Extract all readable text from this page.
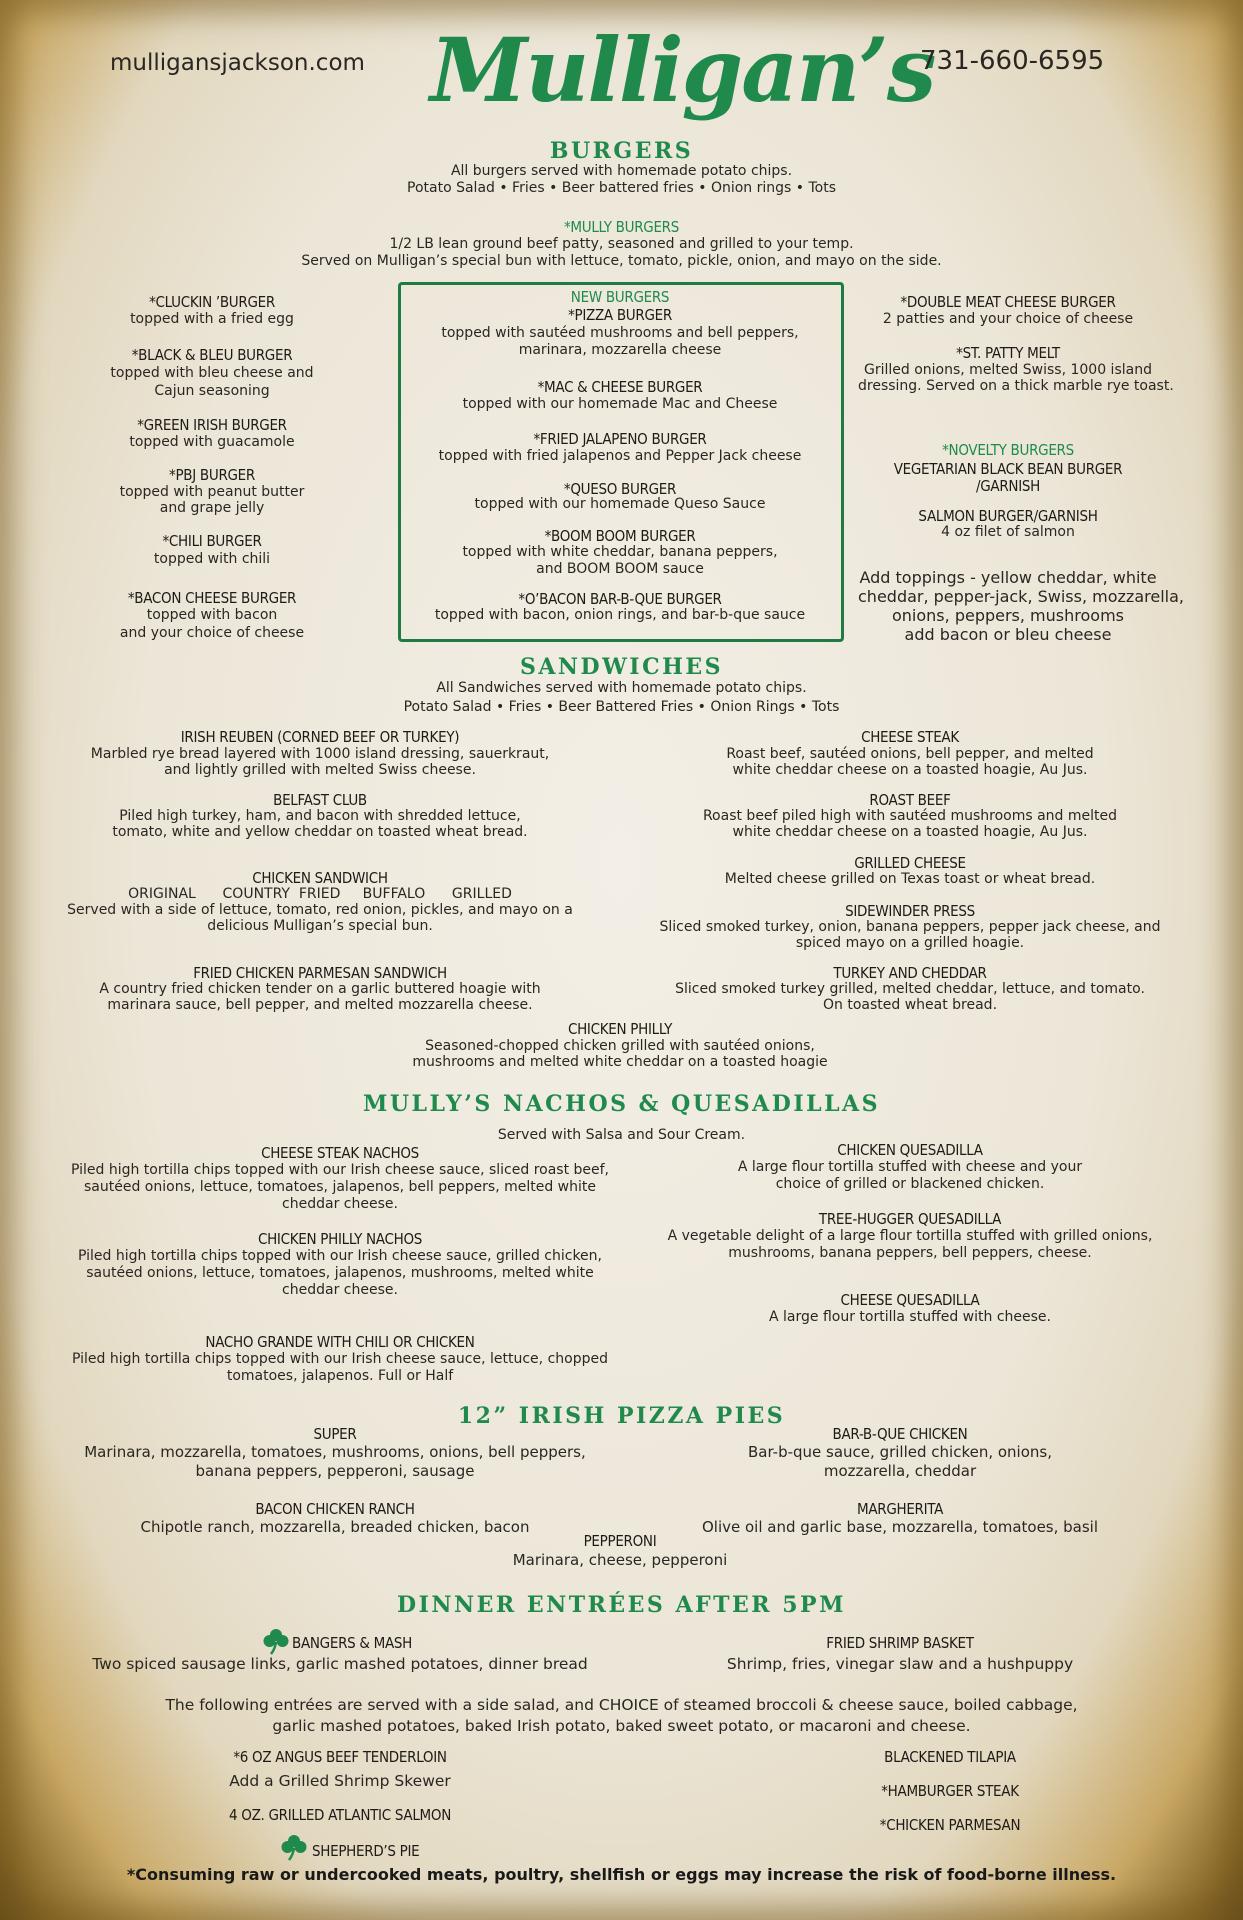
mulligansjackson.com Mulligan’s
731-660-6595
BURGERS
All burgers served with homemade potato chips.
Potato Salad • Fries • Beer battered fries • Onion rings • Tots
*MULLY BURGERS
1/2 LB lean ground beef patty, seasoned and grilled to your temp.
Served on Mulligan’s special bun with lettuce, tomato, pickle, onion, and mayo on the side.
*CLUCKIN ’BURGER
topped with a fried egg
*BLACK & BLEU BURGER
topped with bleu cheese and
Cajun seasoning
*GREEN IRISH BURGER
topped with guacamole
*PBJ BURGER
topped with peanut butter
and grape jelly
*CHILI BURGER
topped with chili
*BACON CHEESE BURGER
topped with bacon
and your choice of cheese
NEW BURGERS
*PIZZA BURGER
topped with sautéed mushrooms and bell peppers,
marinara, mozzarella cheese
*MAC & CHEESE BURGER
topped with our homemade Mac and Cheese
*FRIED JALAPENO BURGER
topped with fried jalapenos and Pepper Jack cheese
*QUESO BURGER
topped with our homemade Queso Sauce
*BOOM BOOM BURGER
topped with white cheddar, banana peppers,
and BOOM BOOM sauce
*O’BACON BAR-B-QUE BURGER
topped with bacon, onion rings, and bar-b-que sauce
*DOUBLE MEAT CHEESE BURGER
2 patties and your choice of cheese
*ST. PATTY MELT
Grilled onions, melted Swiss, 1000 island
dressing. Served on a thick marble rye toast.
*NOVELTY BURGERS
VEGETARIAN BLACK BEAN BURGER
/GARNISH
SALMON BURGER/GARNISH
4 oz filet of salmon
Add toppings - yellow cheddar, white
cheddar, pepper-jack, Swiss, mozzarella,
onions, peppers, mushrooms
add bacon or bleu cheese
SANDWICHES
All Sandwiches served with homemade potato chips.
Potato Salad • Fries • Beer Battered Fries • Onion Rings • Tots
IRISH REUBEN (CORNED BEEF OR TURKEY)
Marbled rye bread layered with 1000 island dressing, sauerkraut,
and lightly grilled with melted Swiss cheese.
BELFAST CLUB
Piled high turkey, ham, and bacon with shredded lettuce,
tomato, white and yellow cheddar on toasted wheat bread.
CHICKEN SANDWICH
ORIGINAL      COUNTRY  FRIED     BUFFALO      GRILLED
Served with a side of lettuce, tomato, red onion, pickles, and mayo on a
delicious Mulligan’s special bun.
FRIED CHICKEN PARMESAN SANDWICH
A country fried chicken tender on a garlic buttered hoagie with
marinara sauce, bell pepper, and melted mozzarella cheese.
CHEESE STEAK
Roast beef, sautéed onions, bell pepper, and melted
white cheddar cheese on a toasted hoagie, Au Jus.
ROAST BEEF
Roast beef piled high with sautéed mushrooms and melted
white cheddar cheese on a toasted hoagie, Au Jus.
GRILLED CHEESE
Melted cheese grilled on Texas toast or wheat bread.
SIDEWINDER PRESS
Sliced smoked turkey, onion, banana peppers, pepper jack cheese, and
spiced mayo on a grilled hoagie.
TURKEY AND CHEDDAR
Sliced smoked turkey grilled, melted cheddar, lettuce, and tomato.
On toasted wheat bread.
CHICKEN PHILLY
Seasoned-chopped chicken grilled with sautéed onions,
mushrooms and melted white cheddar on a toasted hoagie
MULLY’S NACHOS & QUESADILLAS
Served with Salsa and Sour Cream.
CHEESE STEAK NACHOS
Piled high tortilla chips topped with our Irish cheese sauce, sliced roast beef,
sautéed onions, lettuce, tomatoes, jalapenos, bell peppers, melted white
cheddar cheese.
CHICKEN PHILLY NACHOS
Piled high tortilla chips topped with our Irish cheese sauce, grilled chicken,
sautéed onions, lettuce, tomatoes, jalapenos, mushrooms, melted white
cheddar cheese.
NACHO GRANDE WITH CHILI OR CHICKEN
Piled high tortilla chips topped with our Irish cheese sauce, lettuce, chopped
tomatoes, jalapenos. Full or Half
CHICKEN QUESADILLA
A large flour tortilla stuffed with cheese and your
choice of grilled or blackened chicken.
TREE-HUGGER QUESADILLA
A vegetable delight of a large flour tortilla stuffed with grilled onions,
mushrooms, banana peppers, bell peppers, cheese.
CHEESE QUESADILLA
A large flour tortilla stuffed with cheese.
12” IRISH PIZZA PIES
SUPER
Marinara, mozzarella, tomatoes, mushrooms, onions, bell peppers,
banana peppers, pepperoni, sausage
BAR-B-QUE CHICKEN
Bar-b-que sauce, grilled chicken, onions,
mozzarella, cheddar
BACON CHICKEN RANCH
Chipotle ranch, mozzarella, breaded chicken, bacon
MARGHERITA
Olive oil and garlic base, mozzarella, tomatoes, basil
PEPPERONI
Marinara, cheese, pepperoni
DINNER ENTRÉES AFTER 5PM
BANGERS & MASH
Two spiced sausage links, garlic mashed potatoes, dinner bread
FRIED SHRIMP BASKET
Shrimp, fries, vinegar slaw and a hushpuppy
The following entrées are served with a side salad, and CHOICE of steamed broccoli & cheese sauce, boiled cabbage,
garlic mashed potatoes, baked Irish potato, baked sweet potato, or macaroni and cheese.
*6 OZ ANGUS BEEF TENDERLOIN
Add a Grilled Shrimp Skewer
4 OZ. GRILLED ATLANTIC SALMON
SHEPHERD’S PIE
BLACKENED TILAPIA
*HAMBURGER STEAK
*CHICKEN PARMESAN
*Consuming raw or undercooked meats, poultry, shellfish or eggs may increase the risk of food-borne illness.
